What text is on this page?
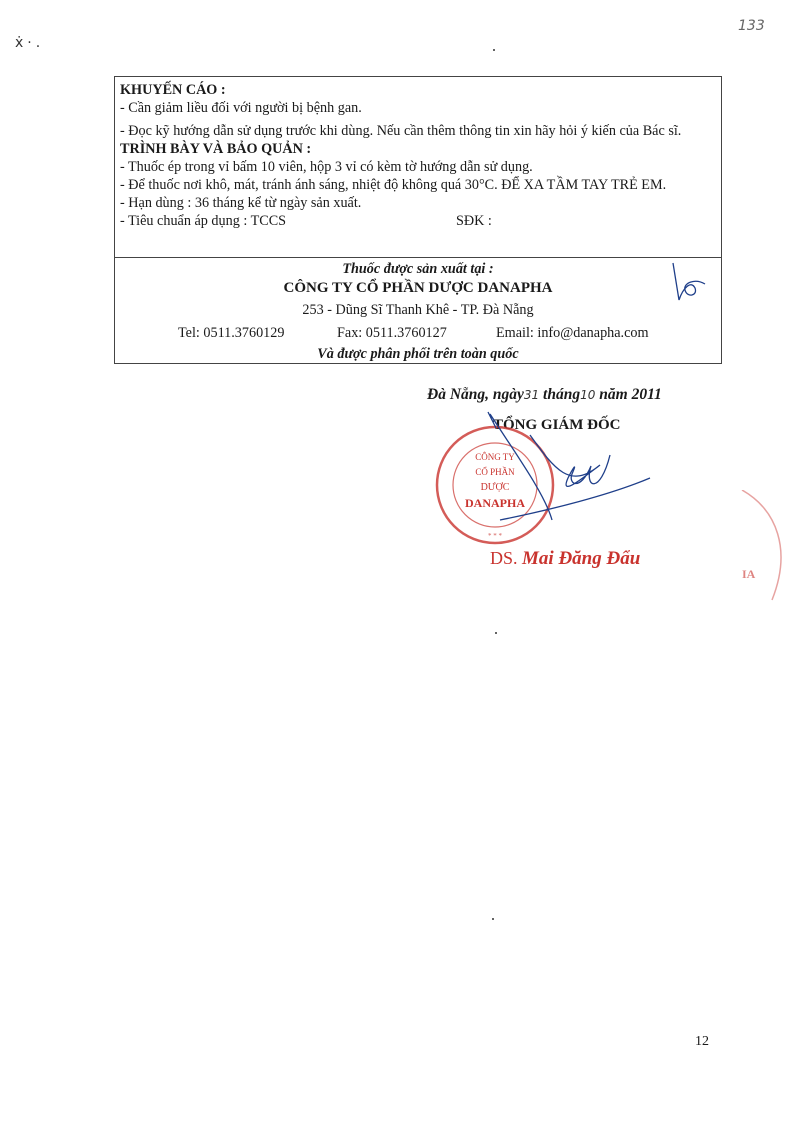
133
ẋ·.
KHUYẾN CÁO :
- Cần giảm liều đối với người bị bệnh gan.
- Đọc kỹ hướng dẫn sử dụng trước khi dùng. Nếu cần thêm thông tin xin hãy hỏi ý kiến của Bác sĩ.
TRÌNH BÀY VÀ BẢO QUẢN :
- Thuốc ép trong vỉ bấm 10 viên, hộp 3 vỉ có kèm tờ hướng dẫn sử dụng.
- Để thuốc nơi khô, mát, tránh ánh sáng, nhiệt độ không quá 30°C. ĐỂ XA TẦM TAY TRẺ EM.
- Hạn dùng : 36 tháng kể từ ngày sản xuất.
- Tiêu chuẩn áp dụng : TCCS	SĐK :
Thuốc được sản xuất tại :
CÔNG TY CỔ PHẦN DƯỢC DANAPHA
253 - Dũng Sĩ Thanh Khê - TP. Đà Nẵng
Tel: 0511.3760129	Fax: 0511.3760127	Email: info@danapha.com
Và được phân phối trên toàn quốc
Đà Nẵng, ngày31 tháng10 năm 2011
TỔNG GIÁM ĐỐC
CÔNG TY
CỔ PHẦN
DƯỢC
DANAPHA
* * *
DS. Mai Đăng Đẩu
IA
12
